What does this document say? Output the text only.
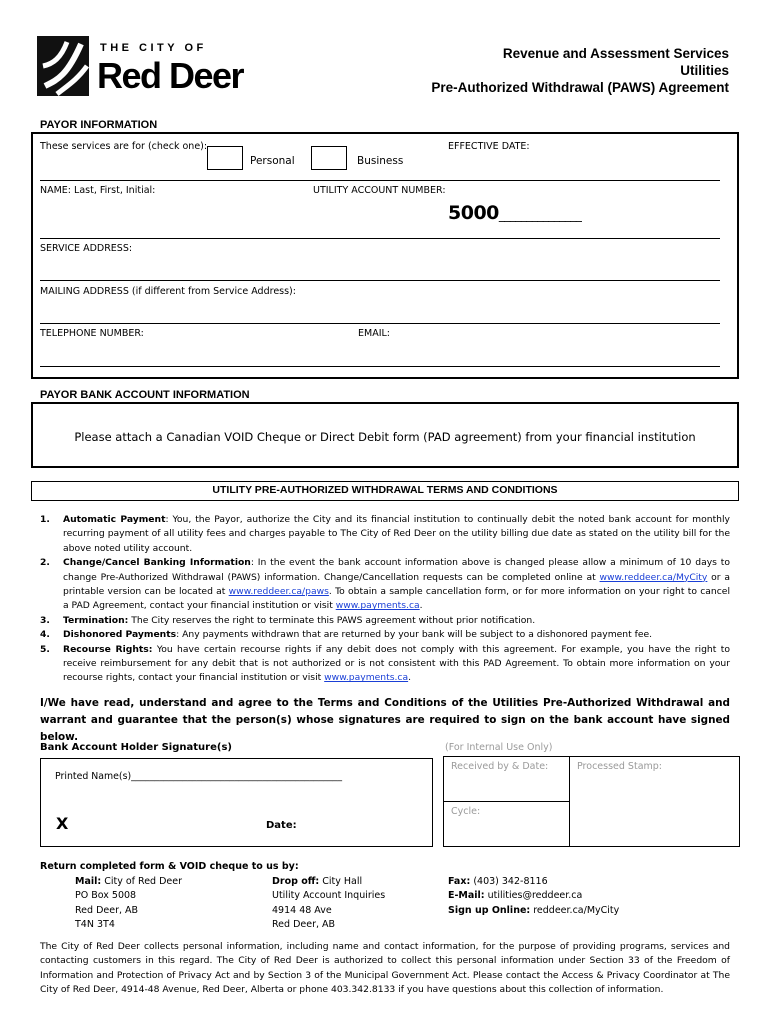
THE CITY OF
Red Deer
Revenue and Assessment Services
Utilities
Pre-Authorized Withdrawal (PAWS) Agreement
PAYOR INFORMATION
These services are for (check one):
Personal	Business
EFFECTIVE DATE:
NAME: Last, First, Initial:	UTILITY ACCOUNT NUMBER:
5000_______________
SERVICE ADDRESS:
MAILING ADDRESS (if different from Service Address):
TELEPHONE NUMBER:	EMAIL:
PAYOR BANK ACCOUNT INFORMATION
Please attach a Canadian VOID Cheque or Direct Debit form (PAD agreement) from your financial institution
UTILITY PRE-AUTHORIZED WITHDRAWAL TERMS AND CONDITIONS
1. Automatic Payment: You, the Payor, authorize the City and its financial institution to continually debit the noted bank account for monthly recurring payment of all utility fees and charges payable to The City of Red Deer on the utility billing due date as stated on the utility bill for the above noted utility account.
2. Change/Cancel Banking Information: In the event the bank account information above is changed please allow a minimum of 10 days to change Pre-Authorized Withdrawal (PAWS) information. Change/Cancellation requests can be completed online at www.reddeer.ca/MyCity or a printable version can be located at www.reddeer.ca/paws. To obtain a sample cancellation form, or for more information on your right to cancel a PAD Agreement, contact your financial institution or visit www.payments.ca.
3. Termination: The City reserves the right to terminate this PAWS agreement without prior notification.
4. Dishonored Payments: Any payments withdrawn that are returned by your bank will be subject to a dishonored payment fee.
5. Recourse Rights: You have certain recourse rights if any debit does not comply with this agreement. For example, you have the right to receive reimbursement for any debit that is not authorized or is not consistent with this PAD Agreement. To obtain more information on your recourse rights, contact your financial institution or visit www.payments.ca.
I/We have read, understand and agree to the Terms and Conditions of the Utilities Pre-Authorized Withdrawal and warrant and guarantee that the person(s) whose signatures are required to sign on the bank account have signed below.
Bank Account Holder Signature(s)
Printed Name(s)_____________________________________________
X	Date:
(For Internal Use Only)
Received by & Date:	Processed Stamp:
Cycle:
Return completed form & VOID cheque to us by:
Mail: City of Red Deer
PO Box 5008
Red Deer, AB
T4N 3T4
Drop off: City Hall
Utility Account Inquiries
4914 48 Ave
Red Deer, AB
Fax: (403) 342-8116
E-Mail: utilities@reddeer.ca
Sign up Online: reddeer.ca/MyCity
The City of Red Deer collects personal information, including name and contact information, for the purpose of providing programs, services and contacting customers in this regard. The City of Red Deer is authorized to collect this personal information under Section 33 of the Freedom of Information and Protection of Privacy Act and by Section 3 of the Municipal Government Act. Please contact the Access & Privacy Coordinator at The City of Red Deer, 4914-48 Avenue, Red Deer, Alberta or phone 403.342.8133 if you have questions about this collection of information.
